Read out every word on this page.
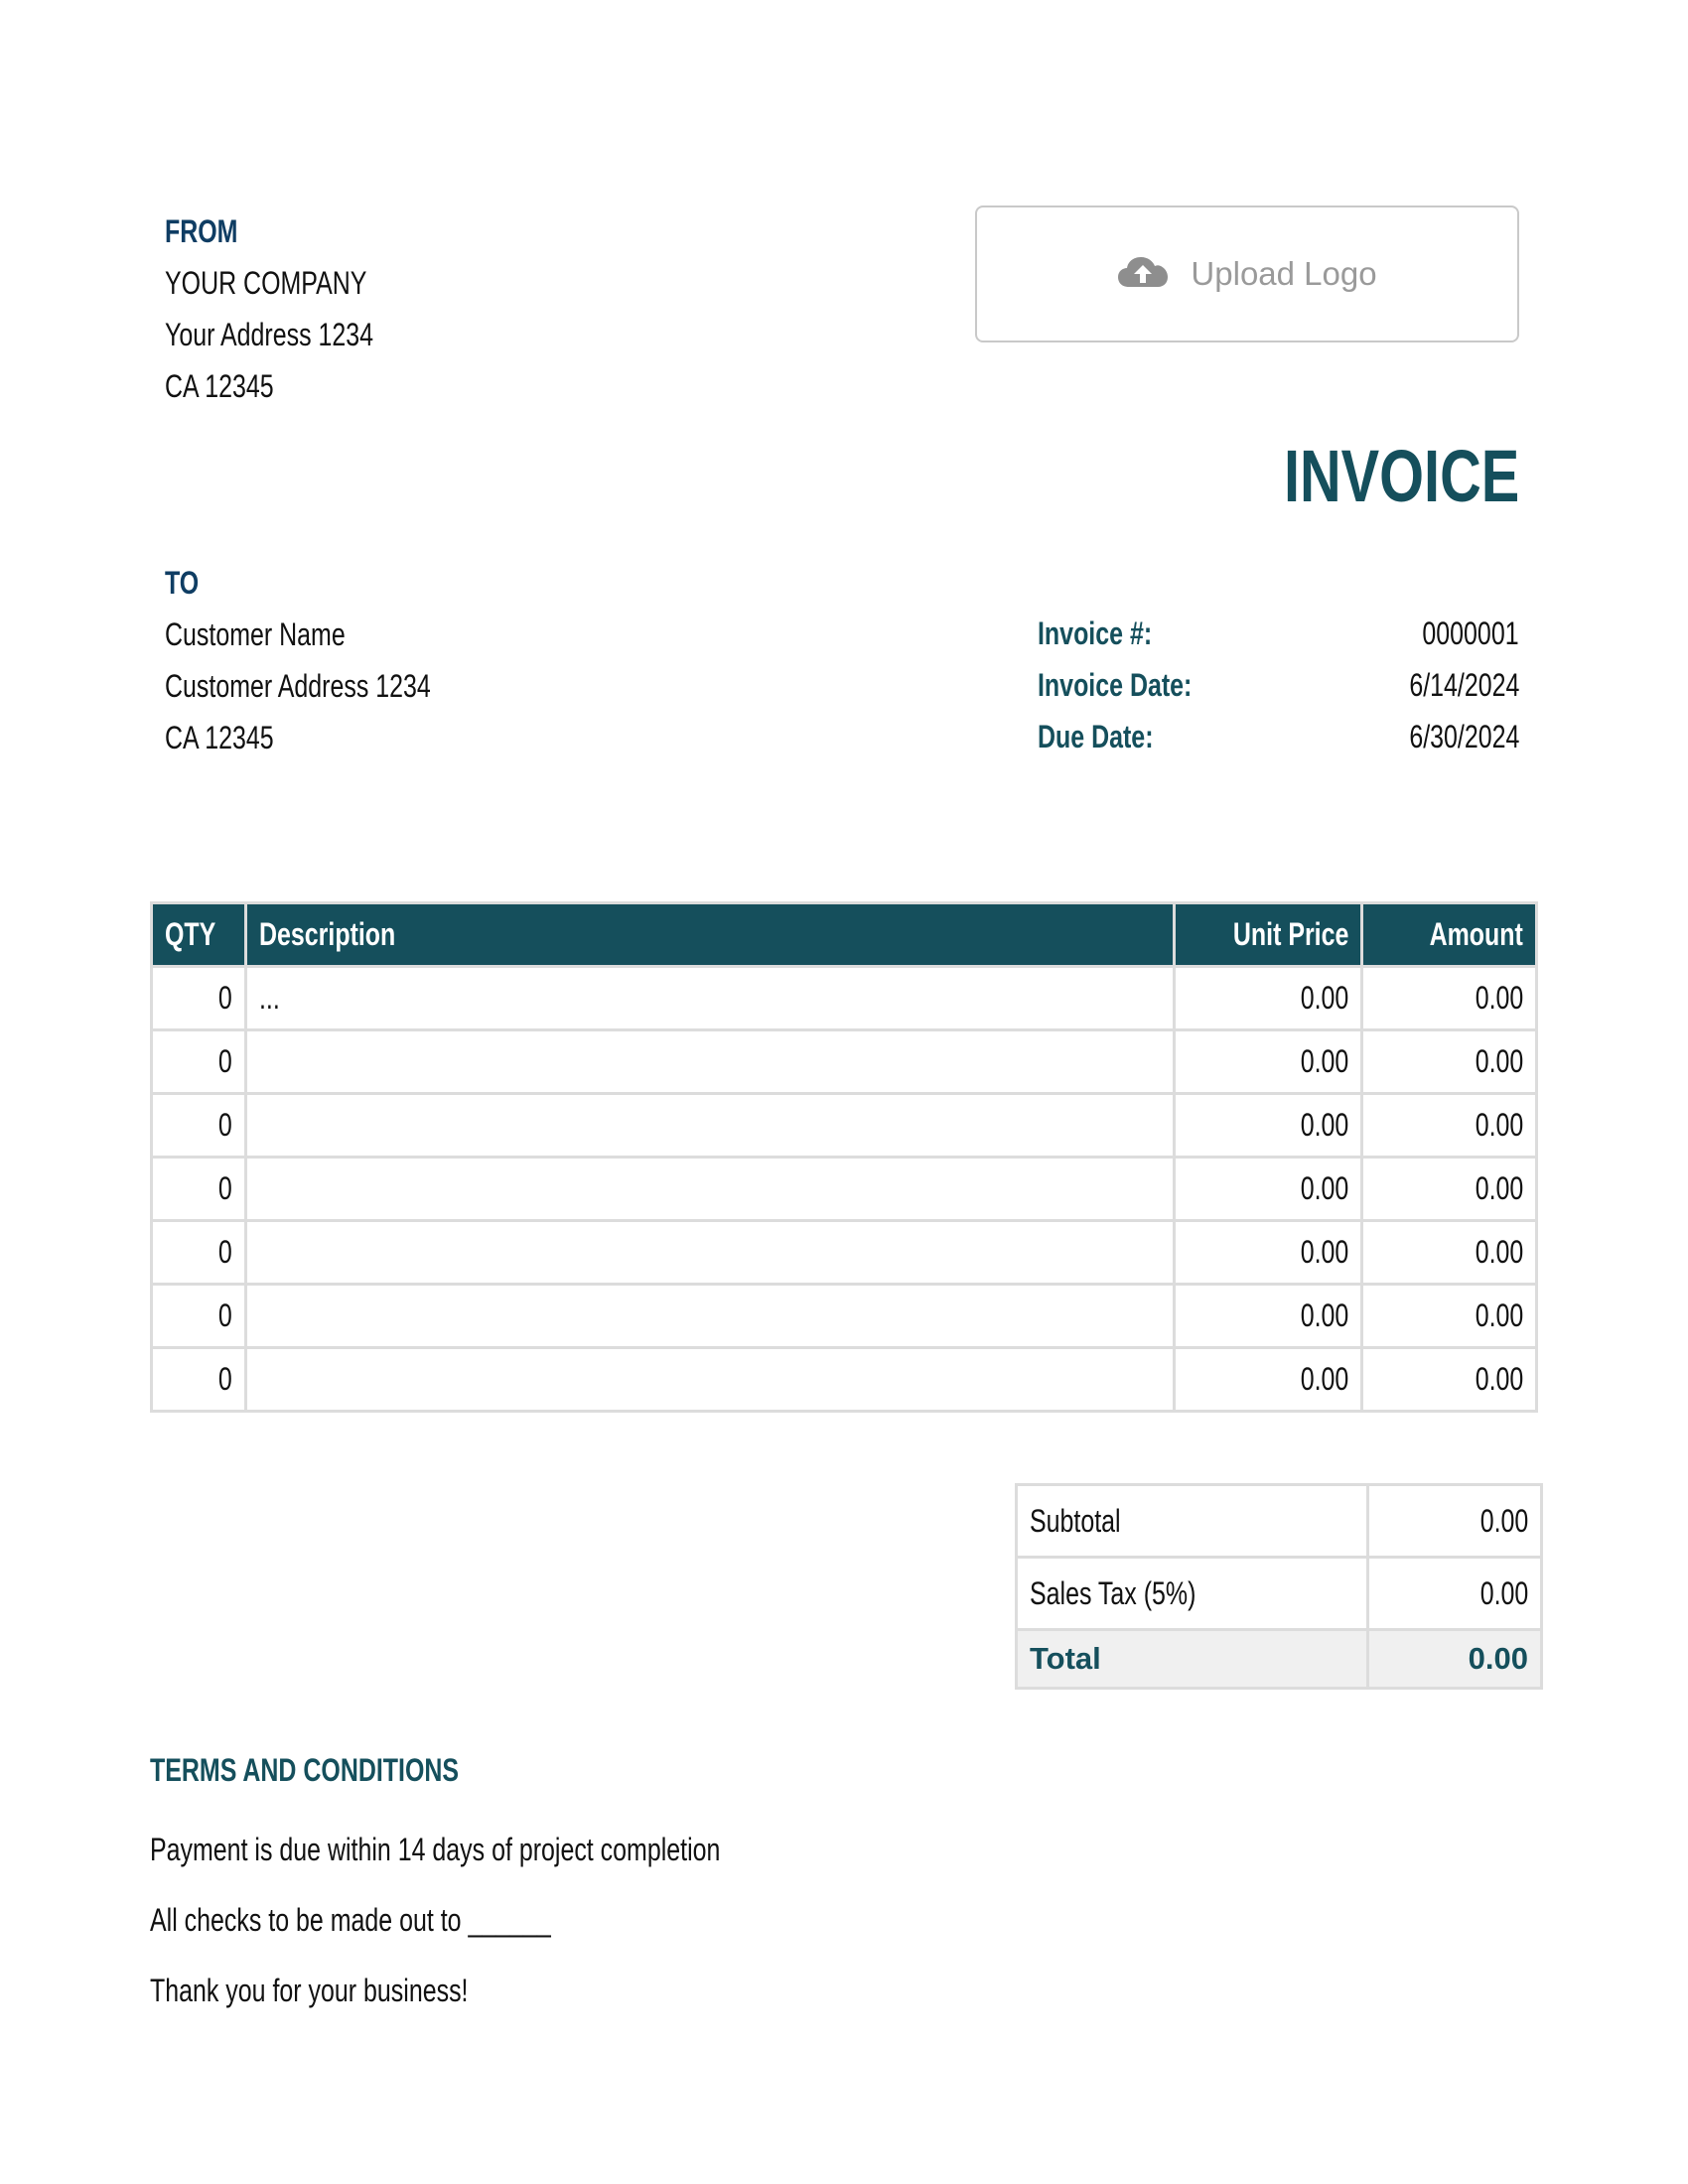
FROM
YOUR COMPANY
Your Address 1234
CA 12345
Upload Logo
INVOICE
TO
Customer Name
Customer Address 1234
CA 12345
Invoice #:	0000001
Invoice Date:	6/14/2024
Due Date:	6/30/2024
QTY	Description	Unit Price	Amount
0	...	0.00	0.00
0		0.00	0.00
0		0.00	0.00
0		0.00	0.00
0		0.00	0.00
0		0.00	0.00
0		0.00	0.00
Subtotal	0.00
Sales Tax (5%)	0.00
Total	0.00
TERMS AND CONDITIONS
Payment is due within 14 days of project completion
All checks to be made out to ______
Thank you for your business!
